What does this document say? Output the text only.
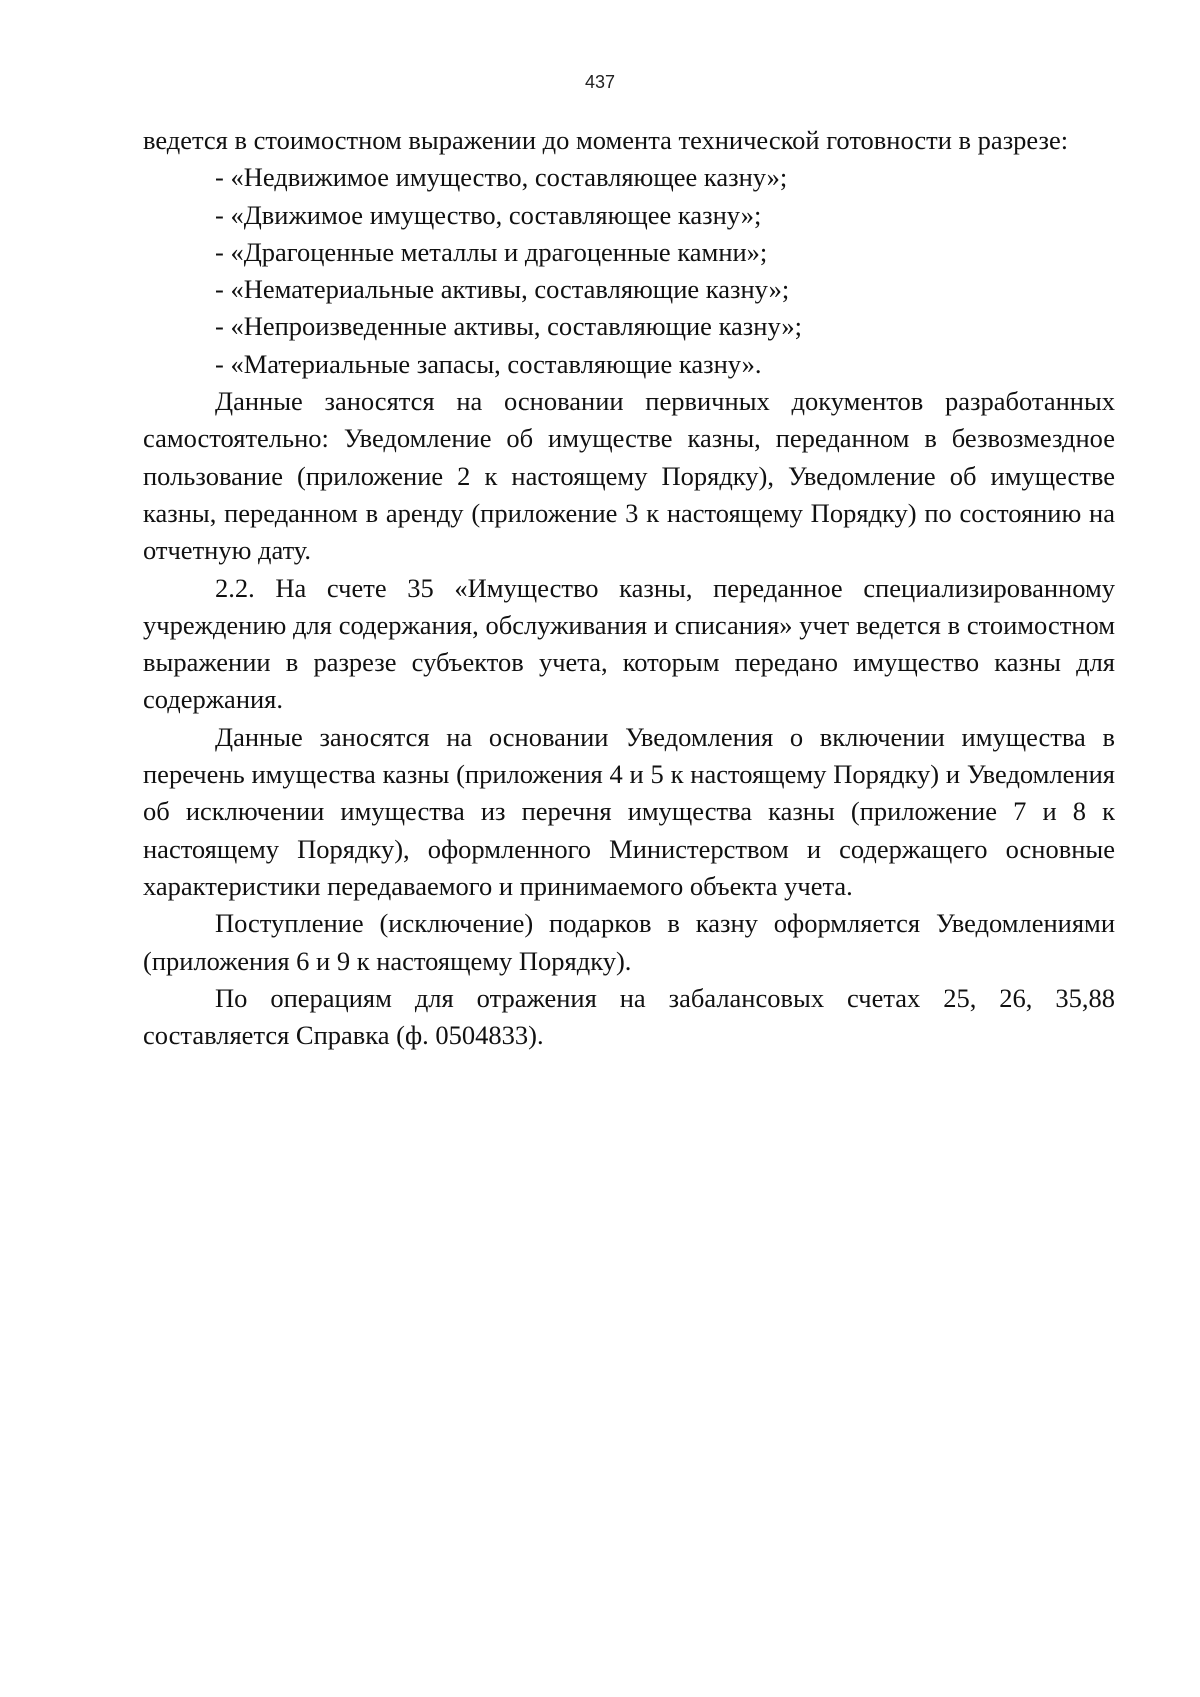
437

ведется в стоимостном выражении до момента технической готовности в разрезе:

- «Недвижимое имущество, составляющее казну»;

- «Движимое имущество, составляющее казну»;

- «Драгоценные металлы и драгоценные камни»;

- «Нематериальные активы, составляющие казну»;

- «Непроизведенные активы, составляющие казну»;

- «Материальные запасы, составляющие казну».

Данные заносятся на основании первичных документов разработанных самостоятельно: Уведомление об имуществе казны, переданном в безвозмездное пользование (приложение 2 к настоящему Порядку), Уведомление об имуществе казны, переданном в аренду (приложение 3 к настоящему Порядку) по состоянию на отчетную дату.

2.2. На счете 35 «Имущество казны, переданное специализированному учреждению для содержания, обслуживания и списания» учет ведется в стоимостном выражении в разрезе субъектов учета, которым передано имущество казны для содержания.

Данные заносятся на основании Уведомления о включении имущества в перечень имущества казны (приложения 4 и 5 к настоящему Порядку) и Уведомления об исключении имущества из перечня имущества казны (приложение 7 и 8 к настоящему Порядку), оформленного Министерством и содержащего основные характеристики передаваемого и принимаемого объекта учета.

Поступление (исключение) подарков в казну оформляется Уведомлениями (приложения 6 и 9 к настоящему Порядку).

По операциям для отражения на забалансовых счетах 25, 26, 35,88 составляется Справка (ф. 0504833).
